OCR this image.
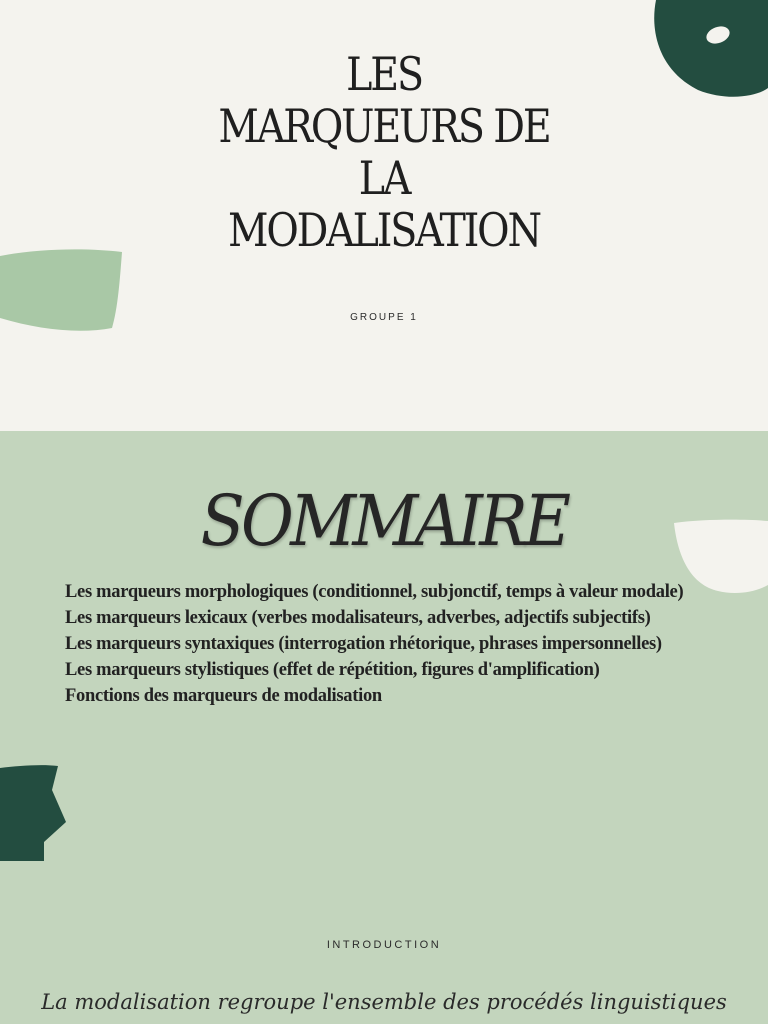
LES
MARQUEURS DE
LA
MODALISATION
GROUPE 1
SOMMAIRE
Les marqueurs morphologiques (conditionnel, subjonctif, temps à valeur modale)
Les marqueurs lexicaux (verbes modalisateurs, adverbes, adjectifs subjectifs)
Les marqueurs syntaxiques (interrogation rhétorique, phrases impersonnelles)
Les marqueurs stylistiques (effet de répétition, figures d'amplification)
Fonctions des marqueurs de modalisation
INTRODUCTION

La modalisation regroupe l'ensemble des procédés linguistiques
